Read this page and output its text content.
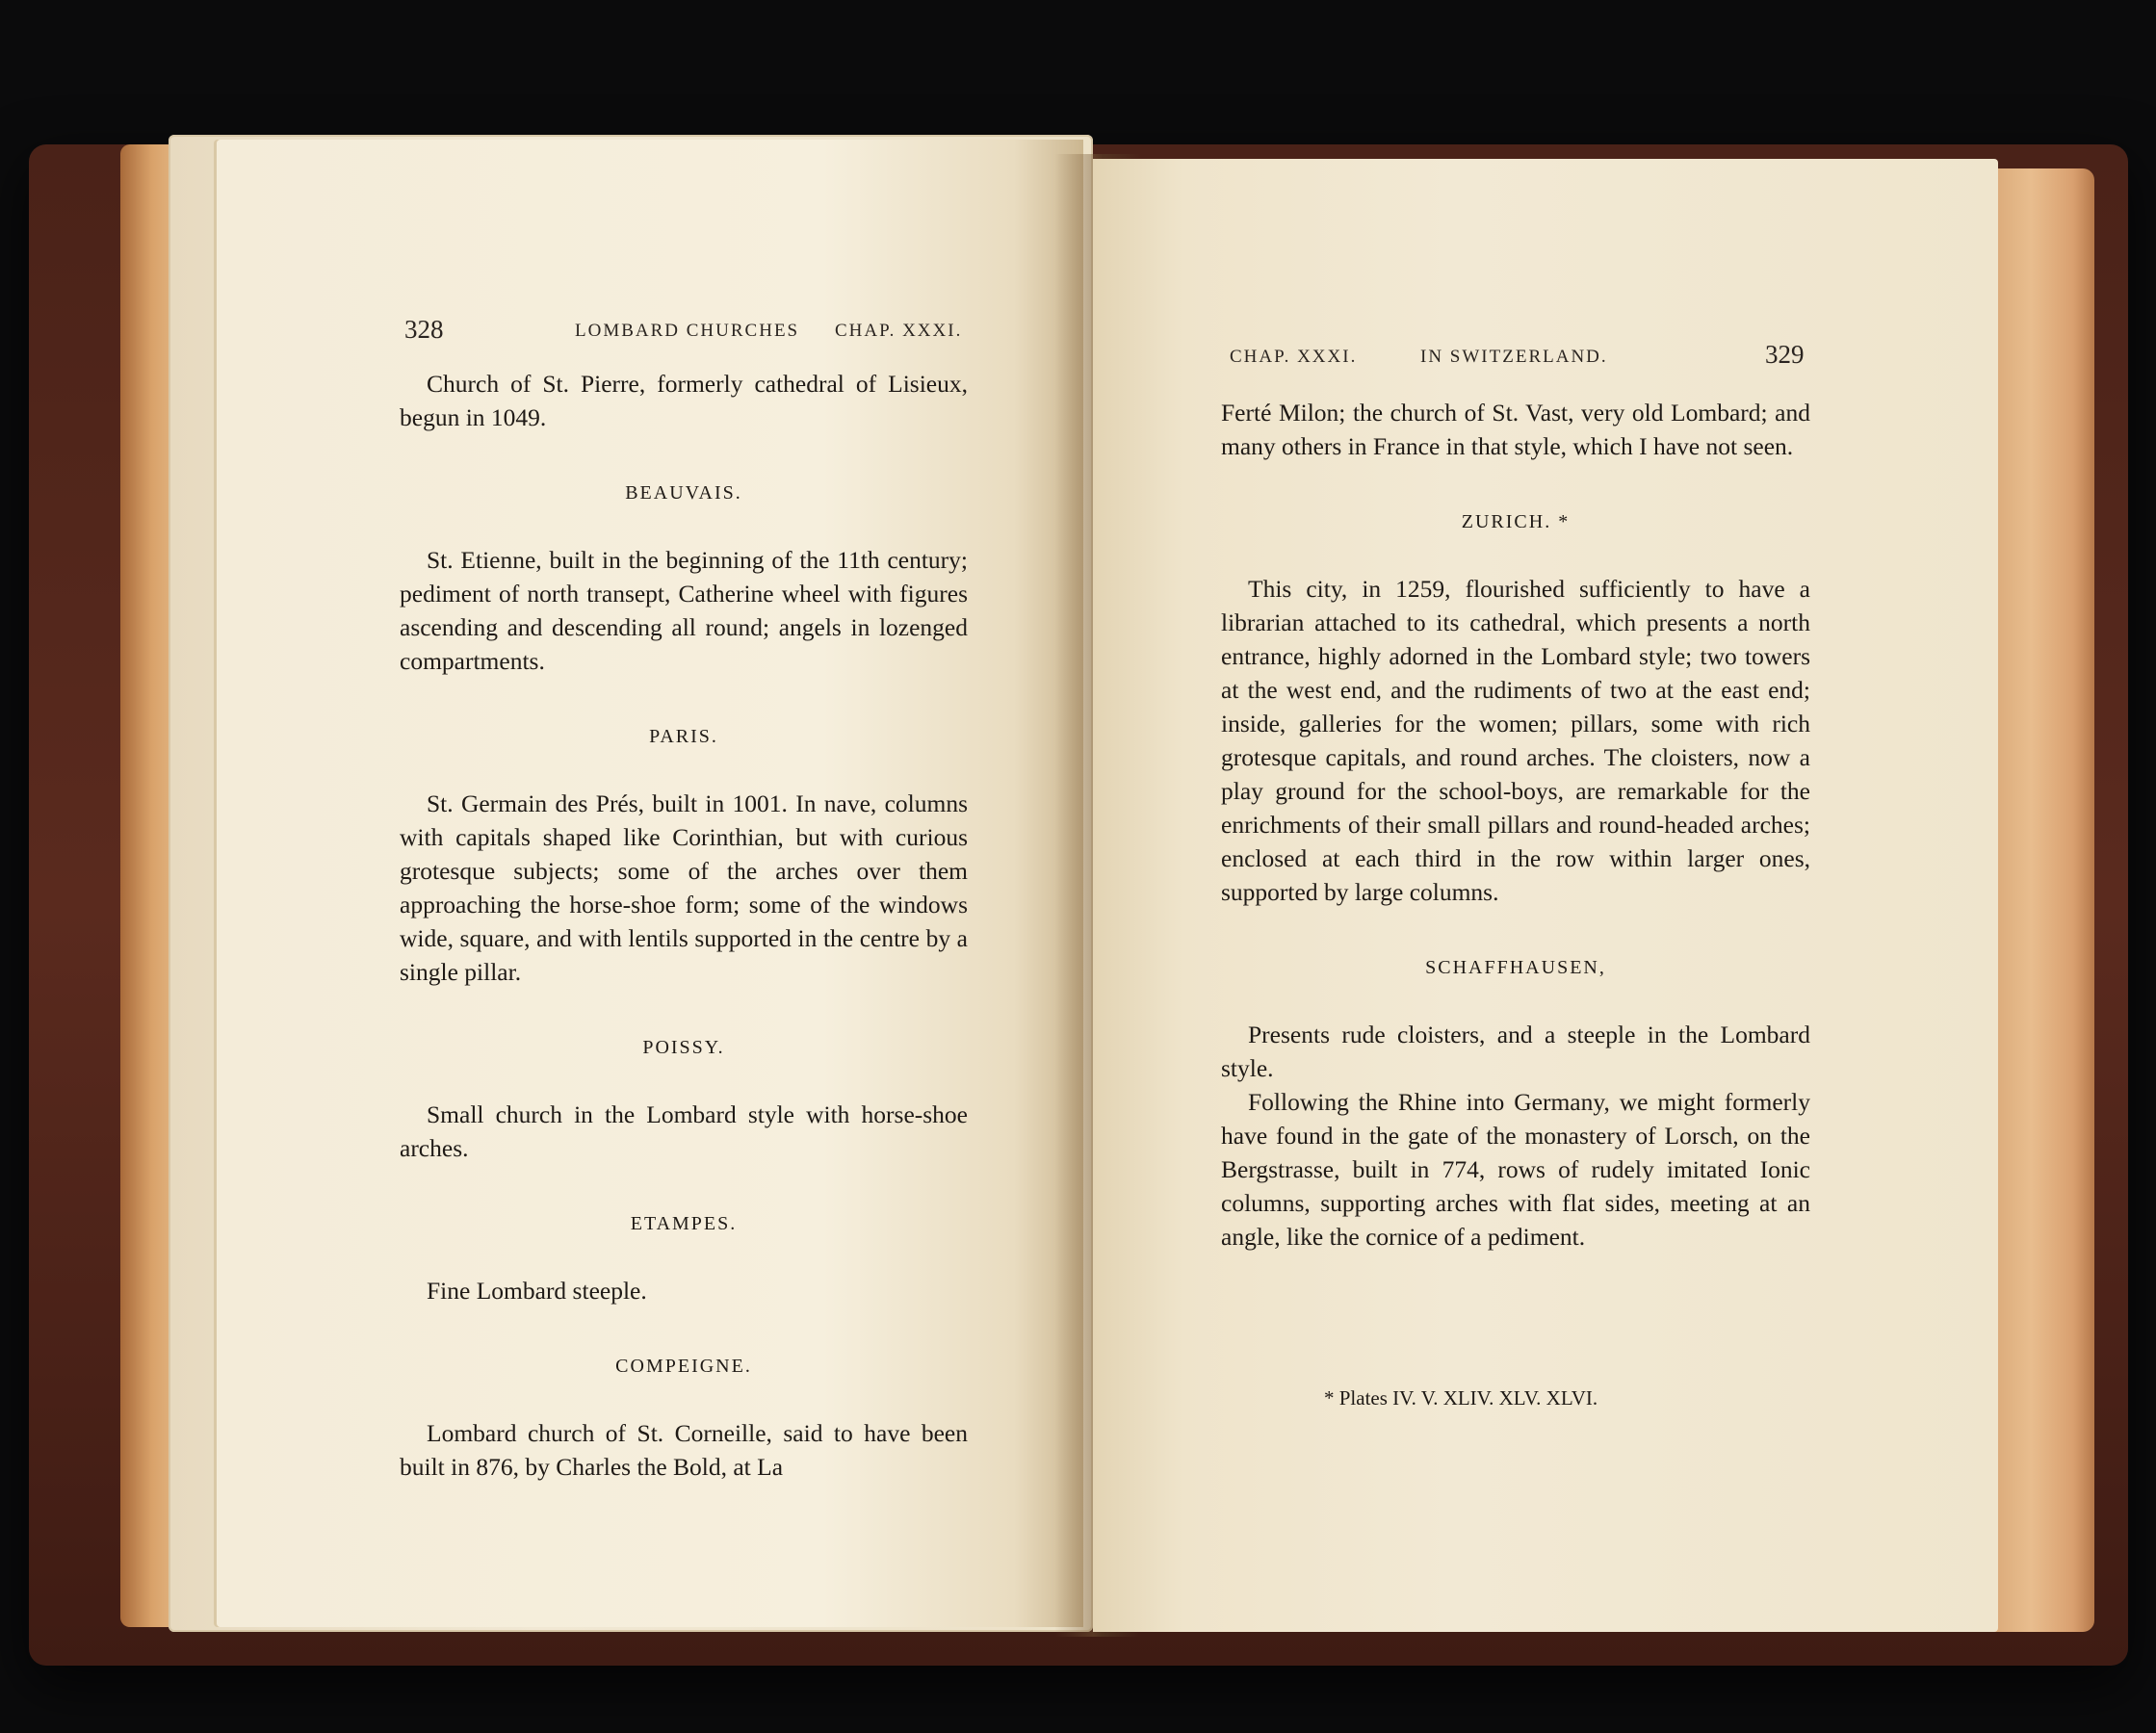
328	LOMBARD CHURCHES CHAP. XXXI.

Church of St. Pierre, formerly cathedral of Lisieux, begun in 1049.

BEAUVAIS.

St. Etienne, built in the beginning of the 11th century; pediment of north transept, Catherine wheel with figures ascending and descending all round; angels in lozenged compartments.

PARIS.

St. Germain des Prés, built in 1001. In nave, columns with capitals shaped like Corinthian, but with curious grotesque subjects; some of the arches over them approaching the horse-shoe form; some of the windows wide, square, and with lentils supported in the centre by a single pillar.

POISSY.

Small church in the Lombard style with horse-shoe arches.

ETAMPES.

Fine Lombard steeple.

COMPEIGNE.

Lombard church of St. Corneille, said to have been built in 876, by Charles the Bold, at La

CHAP. XXXI.	IN SWITZERLAND.	329

Ferté Milon; the church of St. Vast, very old Lombard; and many others in France in that style, which I have not seen.

ZURICH. *

This city, in 1259, flourished sufficiently to have a librarian attached to its cathedral, which presents a north entrance, highly adorned in the Lombard style; two towers at the west end, and the rudiments of two at the east end; inside, galleries for the women; pillars, some with rich grotesque capitals, and round arches. The cloisters, now a play ground for the school-boys, are remarkable for the enrichments of their small pillars and round-headed arches; enclosed at each third in the row within larger ones, supported by large columns.

SCHAFFHAUSEN,

Presents rude cloisters, and a steeple in the Lombard style.

Following the Rhine into Germany, we might formerly have found in the gate of the monastery of Lorsch, on the Bergstrasse, built in 774, rows of rudely imitated Ionic columns, supporting arches with flat sides, meeting at an angle, like the cornice of a pediment.

* Plates IV. V. XLIV. XLV. XLVI.
